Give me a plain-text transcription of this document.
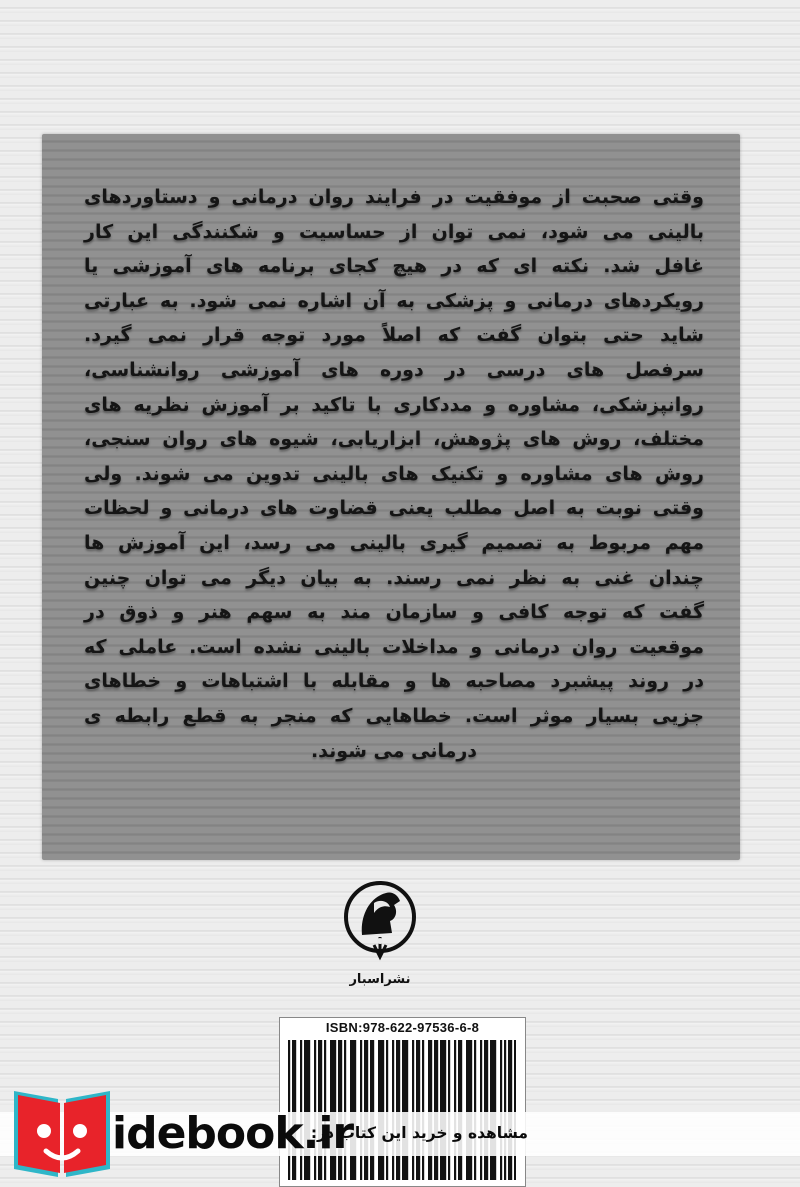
وقتی صحبت از موفقیت در فرایند روان درمانی و دستاوردهای
بالینی می شود، نمی توان از حساسیت و شکنندگی این کار
غافل شد. نکته ای که در هیچ کجای برنامه های آموزشی یا
رویکردهای درمانی و پزشکی به آن اشاره نمی شود. به عبارتی
شاید حتی بتوان گفت که اصلاً مورد توجه قرار نمی گیرد.
سرفصل های درسی در دوره های آموزشی روانشناسی،
روانپزشکی، مشاوره و مددکاری با تاکید بر آموزش نظریه های
مختلف، روش های پژوهش، ابزاریابی، شیوه های روان سنجی،
روش های مشاوره و تکنیک های بالینی تدوین می شوند. ولی
وقتی نوبت به اصل مطلب یعنی قضاوت های درمانی و لحظات
مهم مربوط به تصمیم گیری بالینی می رسد، این آموزش ها
چندان غنی به نظر نمی رسند. به بیان دیگر می توان چنین
گفت که توجه کافی و سازمان مند به سهم هنر و ذوق در
موقعیت روان درمانی و مداخلات بالینی نشده است. عاملی که
در روند پیشبرد مصاحبه ها و مقابله با اشتباهات و خطاهای
جزیی بسیار موثر است. خطاهایی که منجر به قطع رابطه ی
درمانی می شوند.
نشراسبار
ISBN:978-622-97536-6-8
idebook.ir
مشاهده و خرید این کتاب در:
